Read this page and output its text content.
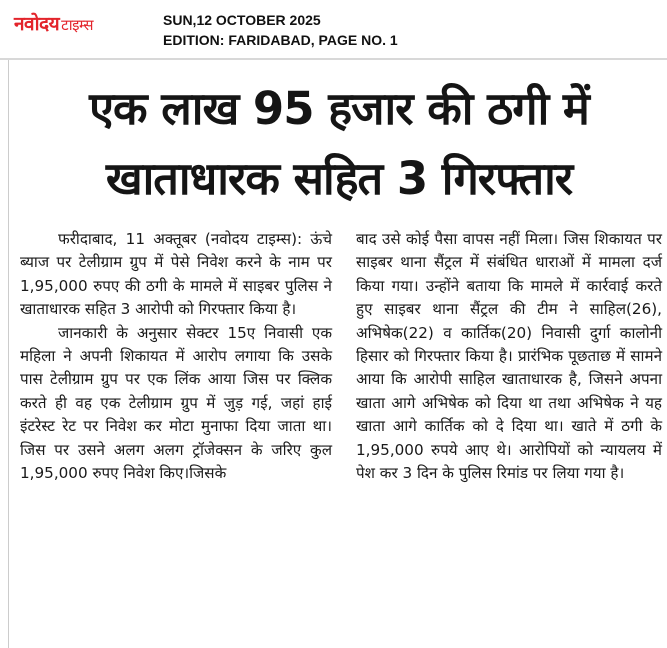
नवोदय टाइम्स	SUN,12 OCTOBER 2025
EDITION: FARIDABAD, PAGE NO. 1
एक लाख 95 हजार की ठगी में
खाताधारक सहित 3 गिरफ्तार

फरीदाबाद, 11 अक्तूबर (नवोदय टाइम्स): ऊंचे ब्याज पर टेलीग्राम ग्रुप में पेसे निवेश करने के नाम पर 1,95,000 रुपए की ठगी के मामले में साइबर पुलिस ने खाताधारक सहित 3 आरोपी को गिरफ्तार किया है।

जानकारी के अनुसार सेक्टर 15ए निवासी एक महिला ने अपनी शिकायत में आरोप लगाया कि उसके पास टेलीग्राम ग्रुप पर एक लिंक आया जिस पर क्लिक करते ही वह एक टेलीग्राम ग्रुप में जुड़ गई, जहां हाई इंटरेस्ट रेट पर निवेश कर मोटा मुनाफा दिया जाता था। जिस पर उसने अलग अलग ट्रॉजेक्सन के जरिए कुल 1,95,000 रुपए निवेश किए।जिसके

बाद उसे कोई पैसा वापस नहीं मिला। जिस शिकायत पर साइबर थाना सैंट्रल में संबंधित धाराओं में मामला दर्ज किया गया। उन्होंने बताया कि मामले में कार्रवाई करते हुए साइबर थाना सैंट्रल की टीम ने साहिल(26), अभिषेक(22) व कार्तिक(20) निवासी दुर्गा कालोनी हिसार को गिरफ्तार किया है। प्रारंभिक पूछताछ में सामने आया कि आरोपी साहिल खाताधारक है, जिसने अपना खाता आगे अभिषेक को दिया था तथा अभिषेक ने यह खाता आगे कार्तिक को दे दिया था। खाते में ठगी के 1,95,000 रुपये आए थे। आरोपियों को न्यायलय में पेश कर 3 दिन के पुलिस रिमांड पर लिया गया है।
